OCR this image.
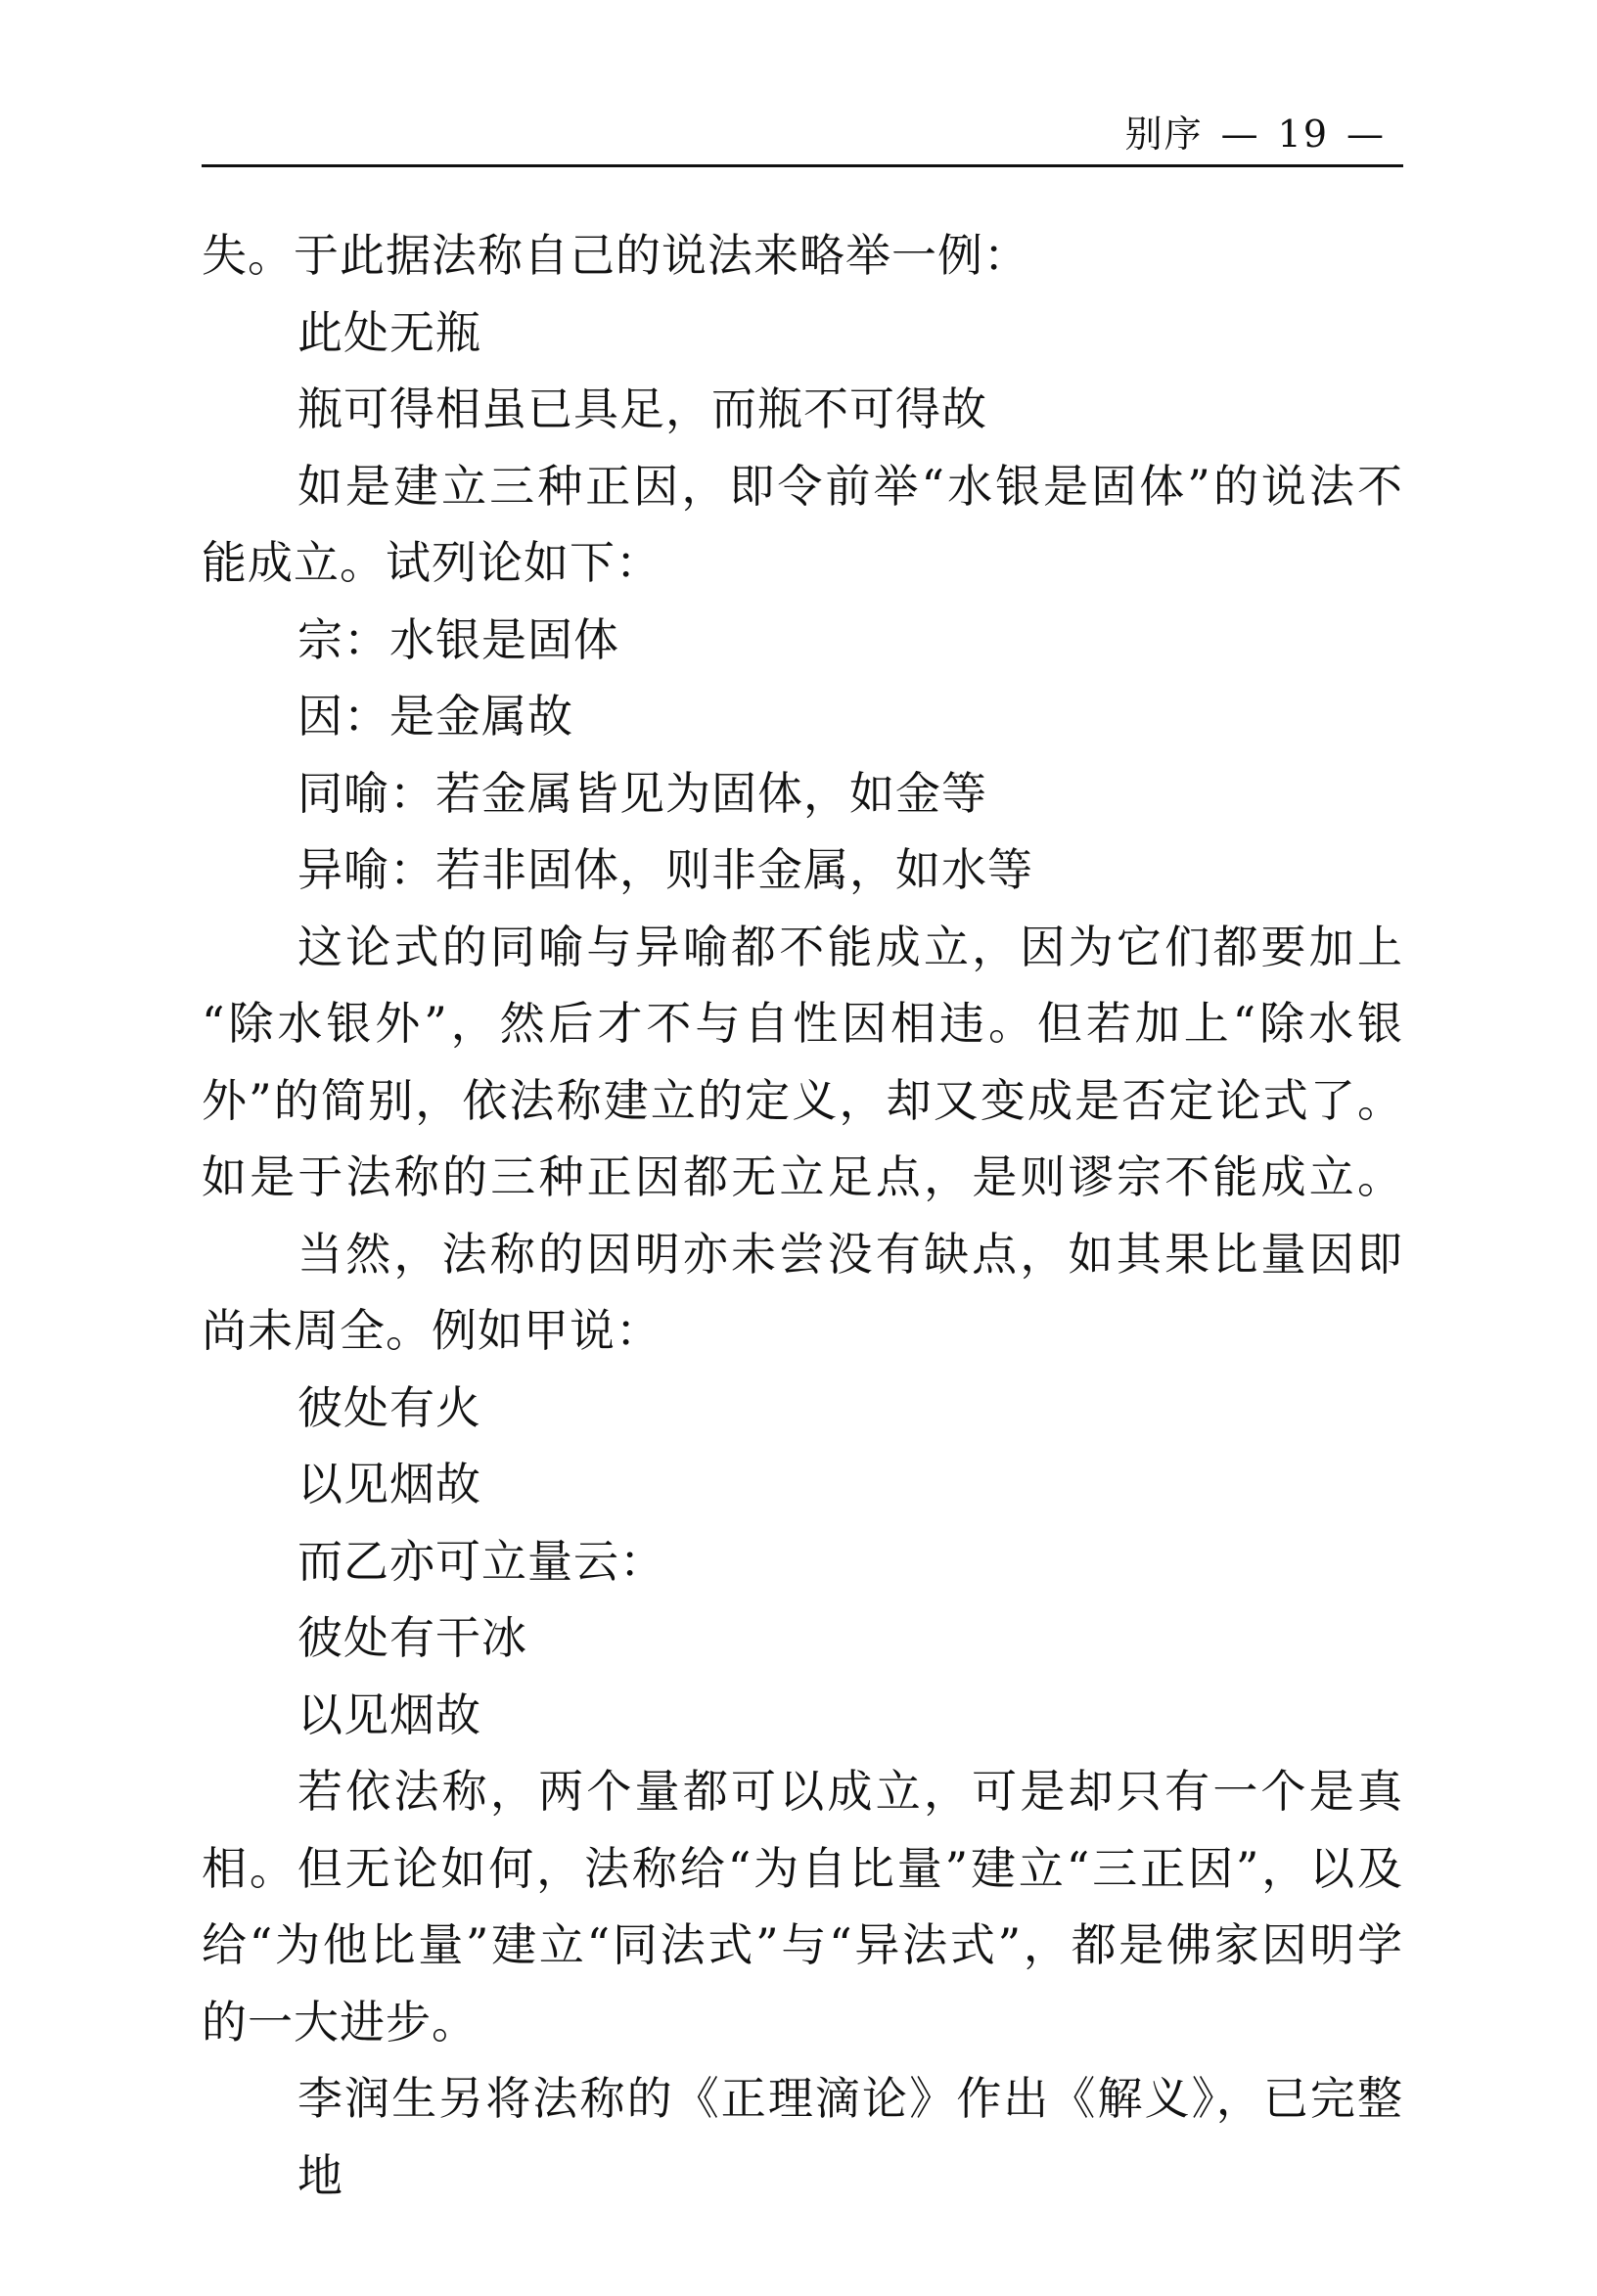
别序 — 19 —
失。于此据法称自己的说法来略举一例：
此处无瓶
瓶可得相虽已具足，而瓶不可得故
如是建立三种正因，即令前举“水银是固体”的说法不
能成立。试列论如下：
宗：水银是固体
因：是金属故
同喻：若金属皆见为固体，如金等
异喻：若非固体，则非金属，如水等
这论式的同喻与异喻都不能成立，因为它们都要加上
“除水银外”，然后才不与自性因相违。但若加上“除水银
外”的简别，依法称建立的定义，却又变成是否定论式了。
如是于法称的三种正因都无立足点，是则谬宗不能成立。
当然，法称的因明亦未尝没有缺点，如其果比量因即
尚未周全。例如甲说：
彼处有火
以见烟故
而乙亦可立量云：
彼处有干冰
以见烟故
若依法称，两个量都可以成立，可是却只有一个是真
相。但无论如何，法称给“为自比量”建立“三正因”，以及
给“为他比量”建立“同法式”与“异法式”，都是佛家因明学
的一大进步。
李润生另将法称的《正理滴论》作出《解义》，已完整地
